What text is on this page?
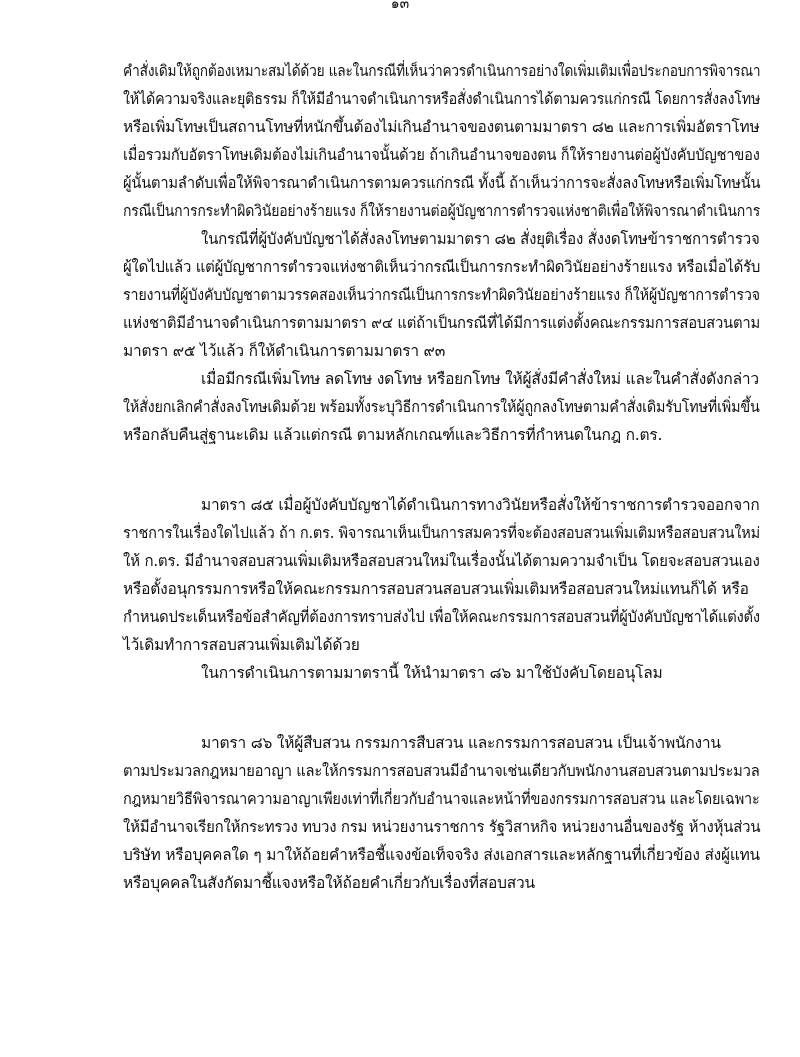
๑๓
คำสั่งเดิมให้ถูกต้องเหมาะสมได้ด้วย และในกรณีที่เห็นว่าควรดำเนินการอย่างใดเพิ่มเติมเพื่อประกอบการพิจารณา
ให้ได้ความจริงและยุติธรรม ก็ให้มีอำนาจดำเนินการหรือสั่งดำเนินการได้ตามควรแก่กรณี โดยการสั่งลงโทษ
หรือเพิ่มโทษเป็นสถานโทษที่หนักขึ้นต้องไม่เกินอำนาจของตนตามมาตรา ๘๒ และการเพิ่มอัตราโทษ
เมื่อรวมกับอัตราโทษเดิมต้องไม่เกินอำนาจนั้นด้วย ถ้าเกินอำนาจของตน ก็ให้รายงานต่อผู้บังคับบัญชาของ
ผู้นั้นตามลำดับเพื่อให้พิจารณาดำเนินการตามควรแก่กรณี ทั้งนี้ ถ้าเห็นว่าการจะสั่งลงโทษหรือเพิ่มโทษนั้น
กรณีเป็นการกระทำผิดวินัยอย่างร้ายแรง ก็ให้รายงานต่อผู้บัญชาการตำรวจแห่งชาติเพื่อให้พิจารณาดำเนินการ
ในกรณีที่ผู้บังคับบัญชาได้สั่งลงโทษตามมาตรา ๘๒ สั่งยุติเรื่อง สั่งงดโทษข้าราชการตำรวจ
ผู้ใดไปแล้ว แต่ผู้บัญชาการตำรวจแห่งชาติเห็นว่ากรณีเป็นการกระทำผิดวินัยอย่างร้ายแรง หรือเมื่อได้รับ
รายงานที่ผู้บังคับบัญชาตามวรรคสองเห็นว่ากรณีเป็นการกระทำผิดวินัยอย่างร้ายแรง ก็ให้ผู้บัญชาการตำรวจ
แห่งชาติมีอำนาจดำเนินการตามมาตรา ๙๔ แต่ถ้าเป็นกรณีที่ได้มีการแต่งตั้งคณะกรรมการสอบสวนตาม
มาตรา ๙๕ ไว้แล้ว ก็ให้ดำเนินการตามมาตรา ๙๓
เมื่อมีกรณีเพิ่มโทษ ลดโทษ งดโทษ หรือยกโทษ ให้ผู้สั่งมีคำสั่งใหม่ และในคำสั่งดังกล่าว
ให้สั่งยกเลิกคำสั่งลงโทษเดิมด้วย พร้อมทั้งระบุวิธีการดำเนินการให้ผู้ถูกลงโทษตามคำสั่งเดิมรับโทษที่เพิ่มขึ้น
หรือกลับคืนสู่ฐานะเดิม แล้วแต่กรณี ตามหลักเกณฑ์และวิธีการที่กำหนดในกฎ ก.ตร.
มาตรา ๘๕ เมื่อผู้บังคับบัญชาได้ดำเนินการทางวินัยหรือสั่งให้ข้าราชการตำรวจออกจาก
ราชการในเรื่องใดไปแล้ว ถ้า ก.ตร. พิจารณาเห็นเป็นการสมควรที่จะต้องสอบสวนเพิ่มเติมหรือสอบสวนใหม่
ให้ ก.ตร. มีอำนาจสอบสวนเพิ่มเติมหรือสอบสวนใหม่ในเรื่องนั้นได้ตามความจำเป็น โดยจะสอบสวนเอง
หรือตั้งอนุกรรมการหรือให้คณะกรรมการสอบสวนสอบสวนเพิ่มเติมหรือสอบสวนใหม่แทนก็ได้ หรือ
กำหนดประเด็นหรือข้อสำคัญที่ต้องการทราบส่งไป เพื่อให้คณะกรรมการสอบสวนที่ผู้บังคับบัญชาได้แต่งตั้ง
ไว้เดิมทำการสอบสวนเพิ่มเติมได้ด้วย
ในการดำเนินการตามมาตรานี้ ให้นำมาตรา ๘๖ มาใช้บังคับโดยอนุโลม
มาตรา ๘๖ ให้ผู้สืบสวน กรรมการสืบสวน และกรรมการสอบสวน เป็นเจ้าพนักงาน
ตามประมวลกฎหมายอาญา และให้กรรมการสอบสวนมีอำนาจเช่นเดียวกับพนักงานสอบสวนตามประมวล
กฎหมายวิธีพิจารณาความอาญาเพียงเท่าที่เกี่ยวกับอำนาจและหน้าที่ของกรรมการสอบสวน และโดยเฉพาะ
ให้มีอำนาจเรียกให้กระทรวง ทบวง กรม หน่วยงานราชการ รัฐวิสาหกิจ หน่วยงานอื่นของรัฐ ห้างหุ้นส่วน
บริษัท หรือบุคคลใด ๆ มาให้ถ้อยคำหรือชี้แจงข้อเท็จจริง ส่งเอกสารและหลักฐานที่เกี่ยวข้อง ส่งผู้แทน
หรือบุคคลในสังกัดมาชี้แจงหรือให้ถ้อยคำเกี่ยวกับเรื่องที่สอบสวน
